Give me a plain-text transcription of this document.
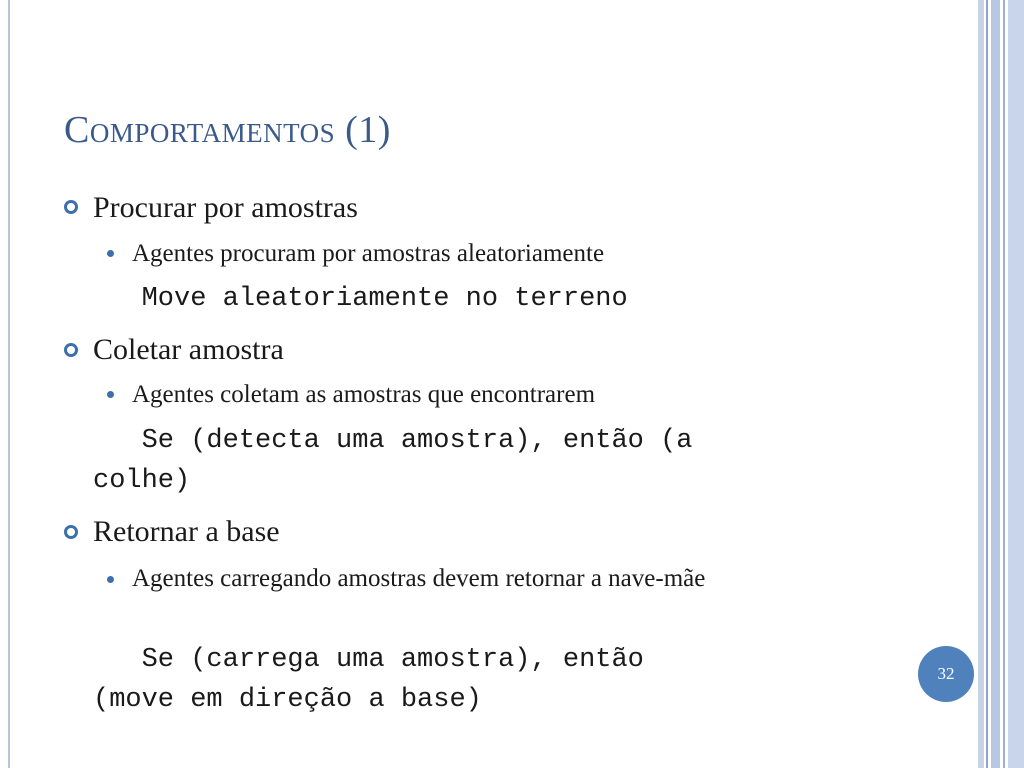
Comportamentos (1)
Procurar por amostras
Agentes procuram por amostras aleatoriamente
Move aleatoriamente no terreno
Coletar amostra
Agentes coletam as amostras que encontrarem
Se (detecta uma amostra), então (a
colhe)
Retornar a base
Agentes carregando amostras devem retornar a nave-mãe
Se (carrega uma amostra), então
(move em direção a base)
32
